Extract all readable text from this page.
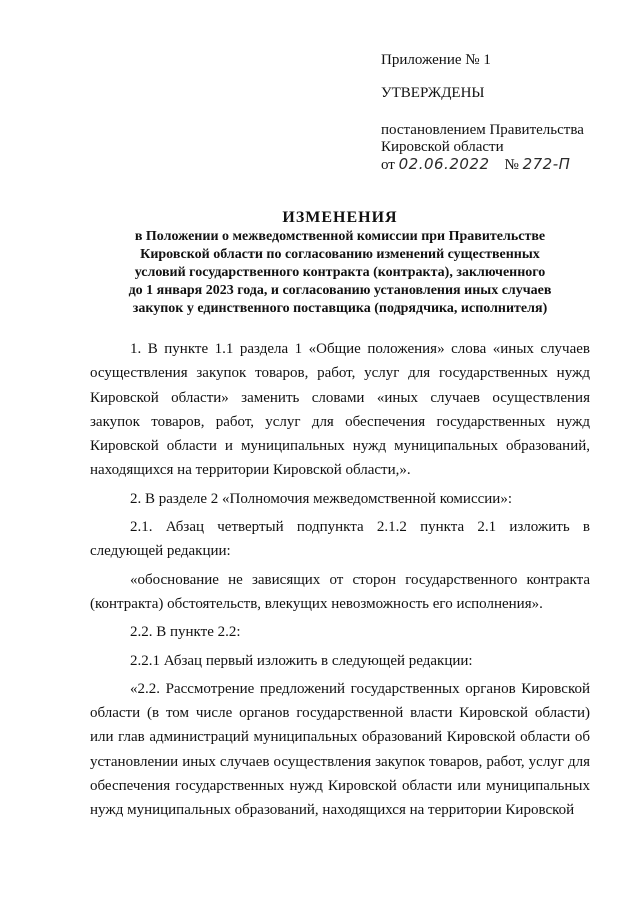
Приложение № 1
УТВЕРЖДЕНЫ
постановлением Правительства
Кировской области
от 02.06.2022 № 272-П
ИЗМЕНЕНИЯ
в Положении о межведомственной комиссии при Правительстве
Кировской области по согласованию изменений существенных
условий государственного контракта (контракта), заключенного
до 1 января 2023 года, и согласованию установления иных случаев
закупок у единственного поставщика (подрядчика, исполнителя)

1. В пункте 1.1 раздела 1 «Общие положения» слова «иных случаев осуществления закупок товаров, работ, услуг для государственных нужд Кировской области» заменить словами «иных случаев осуществления закупок товаров, работ, услуг для обеспечения государственных нужд Кировской области и муниципальных нужд муниципальных образований, находящихся на территории Кировской области,».

2. В разделе 2 «Полномочия межведомственной комиссии»:

2.1. Абзац четвертый подпункта 2.1.2 пункта 2.1 изложить в следующей редакции:

«обоснование не зависящих от сторон государственного контракта (контракта) обстоятельств, влекущих невозможность его исполнения».

2.2. В пункте 2.2:

2.2.1 Абзац первый изложить в следующей редакции:

«2.2. Рассмотрение предложений государственных органов Кировской области (в том числе органов государственной власти Кировской области) или глав администраций муниципальных образований Кировской области об установлении иных случаев осуществления закупок товаров, работ, услуг для обеспечения государственных нужд Кировской области или муниципальных нужд муниципальных образований, находящихся на территории Кировской
